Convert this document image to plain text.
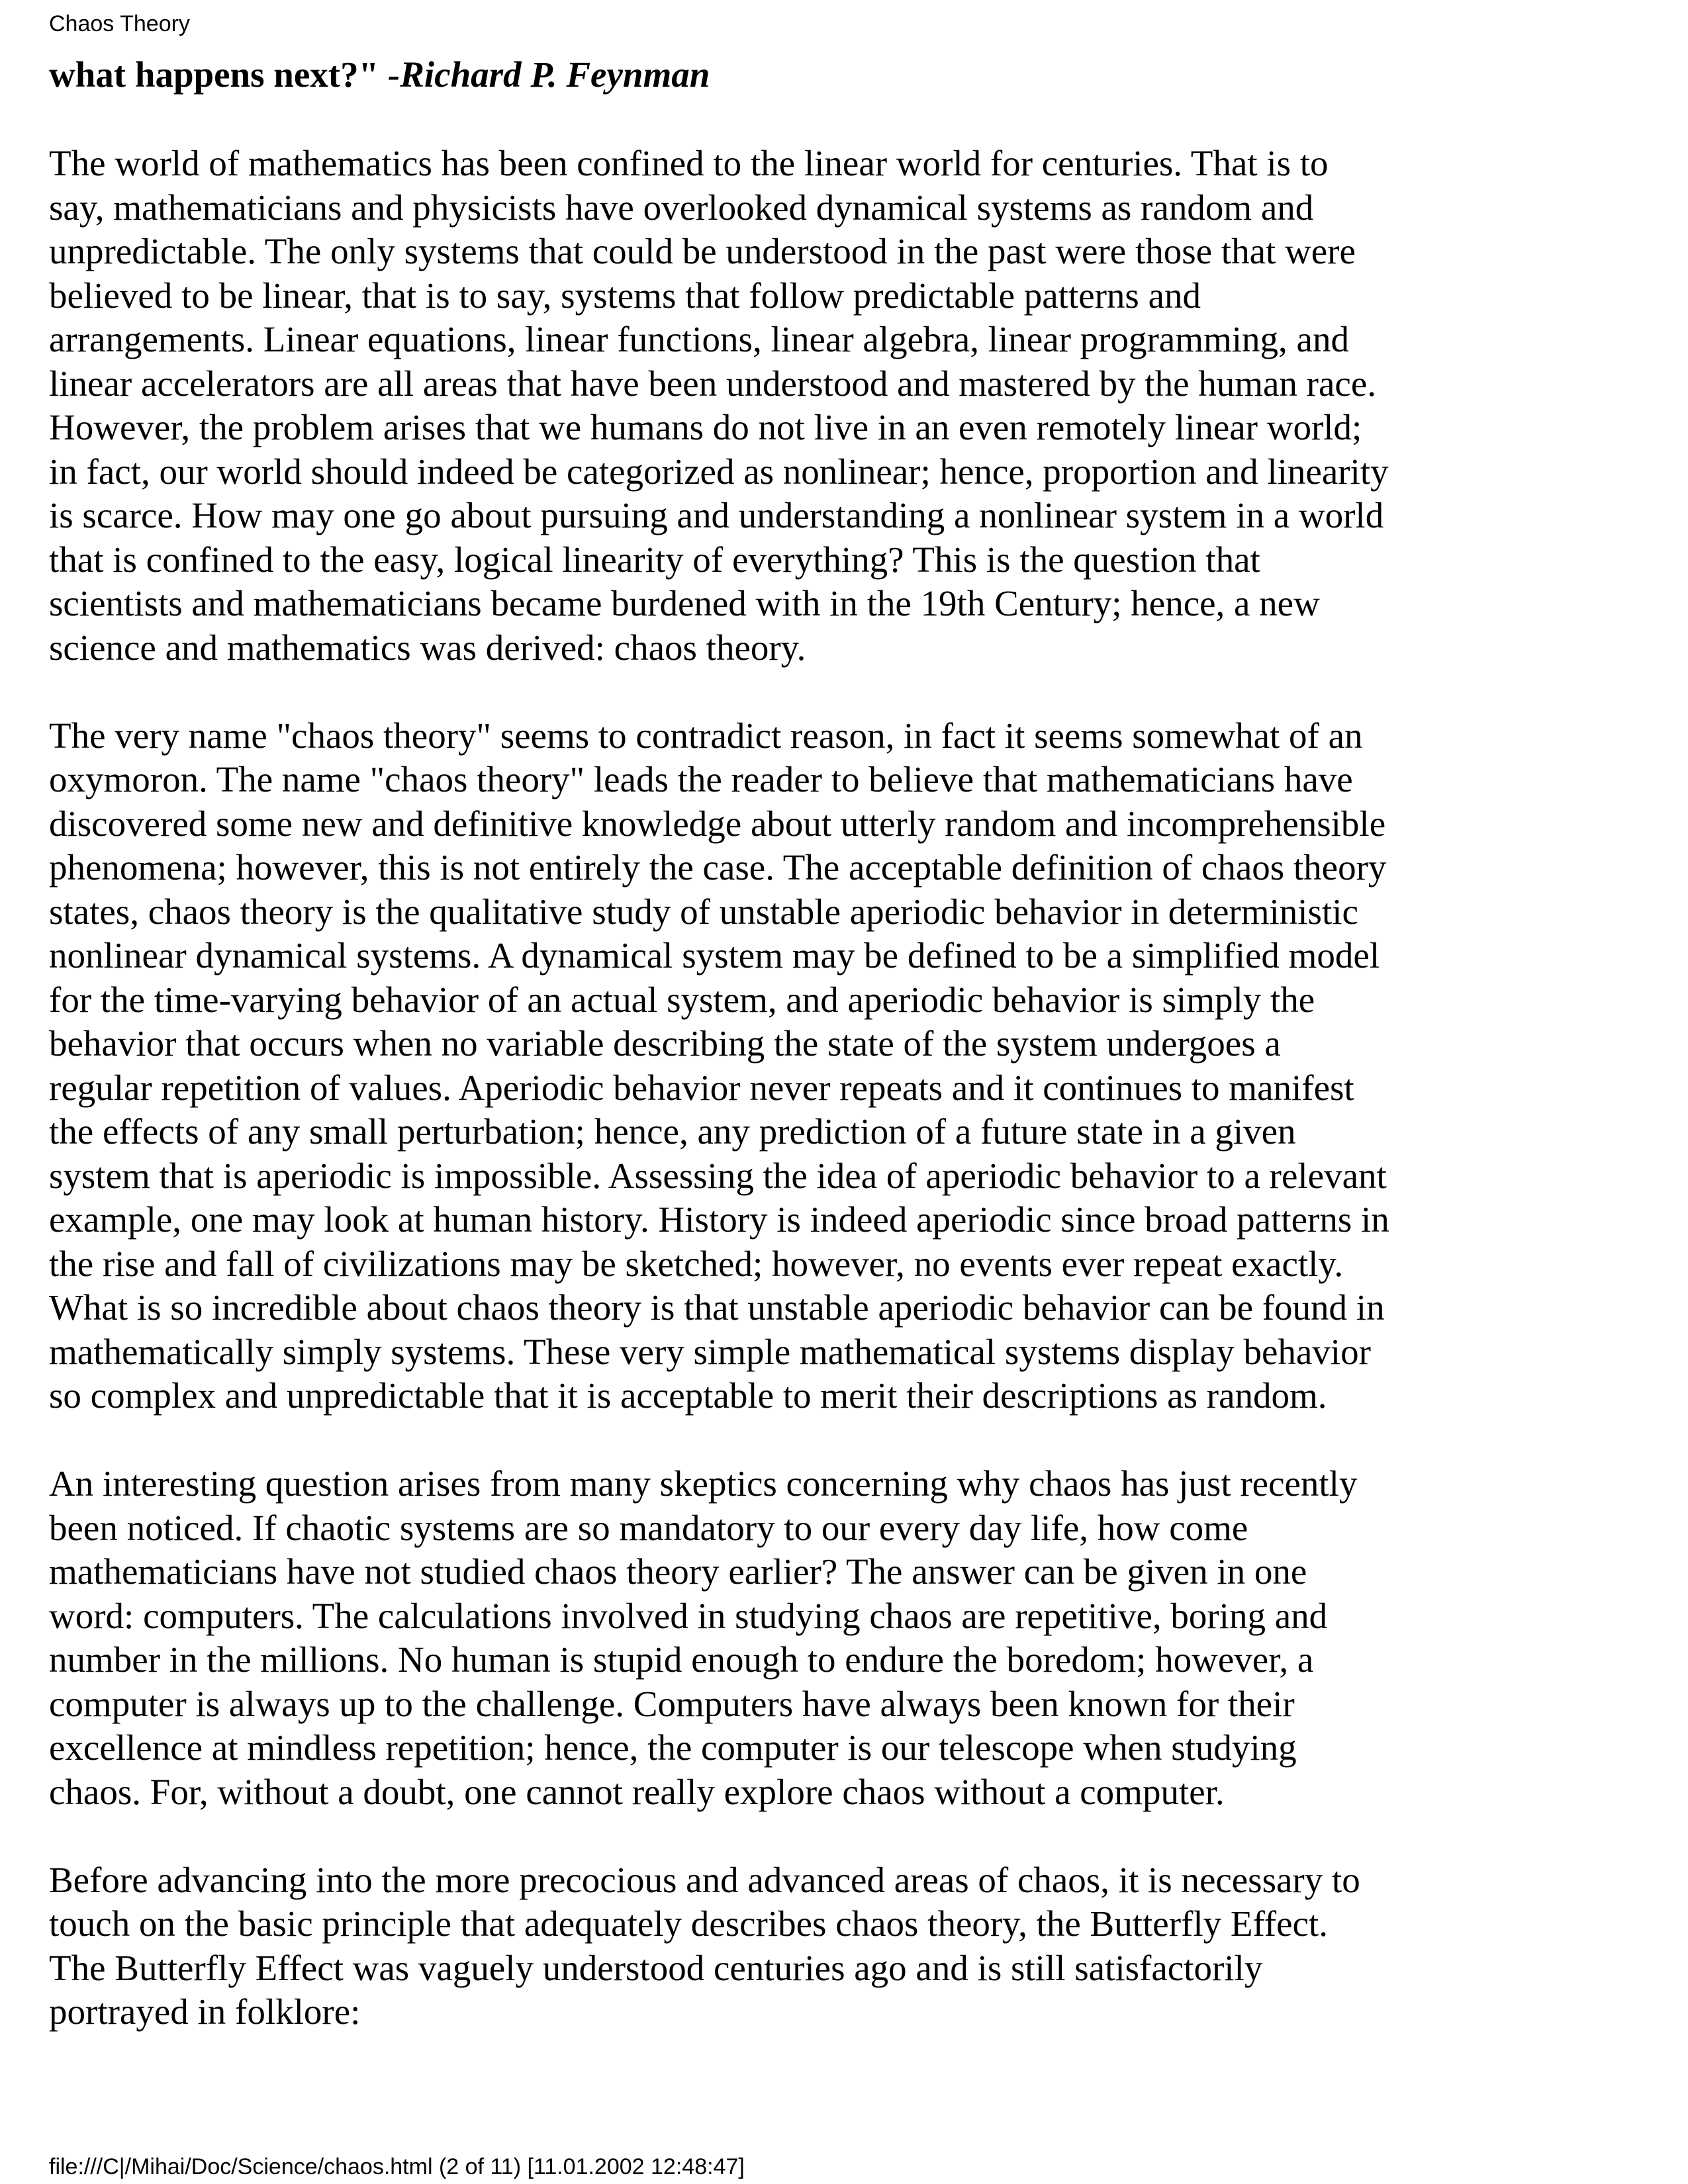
Chaos Theory
what happens next?" -Richard P. Feynman
The world of mathematics has been confined to the linear world for centuries. That is to
say, mathematicians and physicists have overlooked dynamical systems as random and
unpredictable. The only systems that could be understood in the past were those that were
believed to be linear, that is to say, systems that follow predictable patterns and
arrangements. Linear equations, linear functions, linear algebra, linear programming, and
linear accelerators are all areas that have been understood and mastered by the human race.
However, the problem arises that we humans do not live in an even remotely linear world;
in fact, our world should indeed be categorized as nonlinear; hence, proportion and linearity
is scarce. How may one go about pursuing and understanding a nonlinear system in a world
that is confined to the easy, logical linearity of everything? This is the question that
scientists and mathematicians became burdened with in the 19th Century; hence, a new
science and mathematics was derived: chaos theory.
The very name "chaos theory" seems to contradict reason, in fact it seems somewhat of an
oxymoron. The name "chaos theory" leads the reader to believe that mathematicians have
discovered some new and definitive knowledge about utterly random and incomprehensible
phenomena; however, this is not entirely the case. The acceptable definition of chaos theory
states, chaos theory is the qualitative study of unstable aperiodic behavior in deterministic
nonlinear dynamical systems. A dynamical system may be defined to be a simplified model
for the time-varying behavior of an actual system, and aperiodic behavior is simply the
behavior that occurs when no variable describing the state of the system undergoes a
regular repetition of values. Aperiodic behavior never repeats and it continues to manifest
the effects of any small perturbation; hence, any prediction of a future state in a given
system that is aperiodic is impossible. Assessing the idea of aperiodic behavior to a relevant
example, one may look at human history. History is indeed aperiodic since broad patterns in
the rise and fall of civilizations may be sketched; however, no events ever repeat exactly.
What is so incredible about chaos theory is that unstable aperiodic behavior can be found in
mathematically simply systems. These very simple mathematical systems display behavior
so complex and unpredictable that it is acceptable to merit their descriptions as random.
An interesting question arises from many skeptics concerning why chaos has just recently
been noticed. If chaotic systems are so mandatory to our every day life, how come
mathematicians have not studied chaos theory earlier? The answer can be given in one
word: computers. The calculations involved in studying chaos are repetitive, boring and
number in the millions. No human is stupid enough to endure the boredom; however, a
computer is always up to the challenge. Computers have always been known for their
excellence at mindless repetition; hence, the computer is our telescope when studying
chaos. For, without a doubt, one cannot really explore chaos without a computer.
Before advancing into the more precocious and advanced areas of chaos, it is necessary to
touch on the basic principle that adequately describes chaos theory, the Butterfly Effect.
The Butterfly Effect was vaguely understood centuries ago and is still satisfactorily
portrayed in folklore:
file:///C|/Mihai/Doc/Science/chaos.html (2 of 11) [11.01.2002 12:48:47]
